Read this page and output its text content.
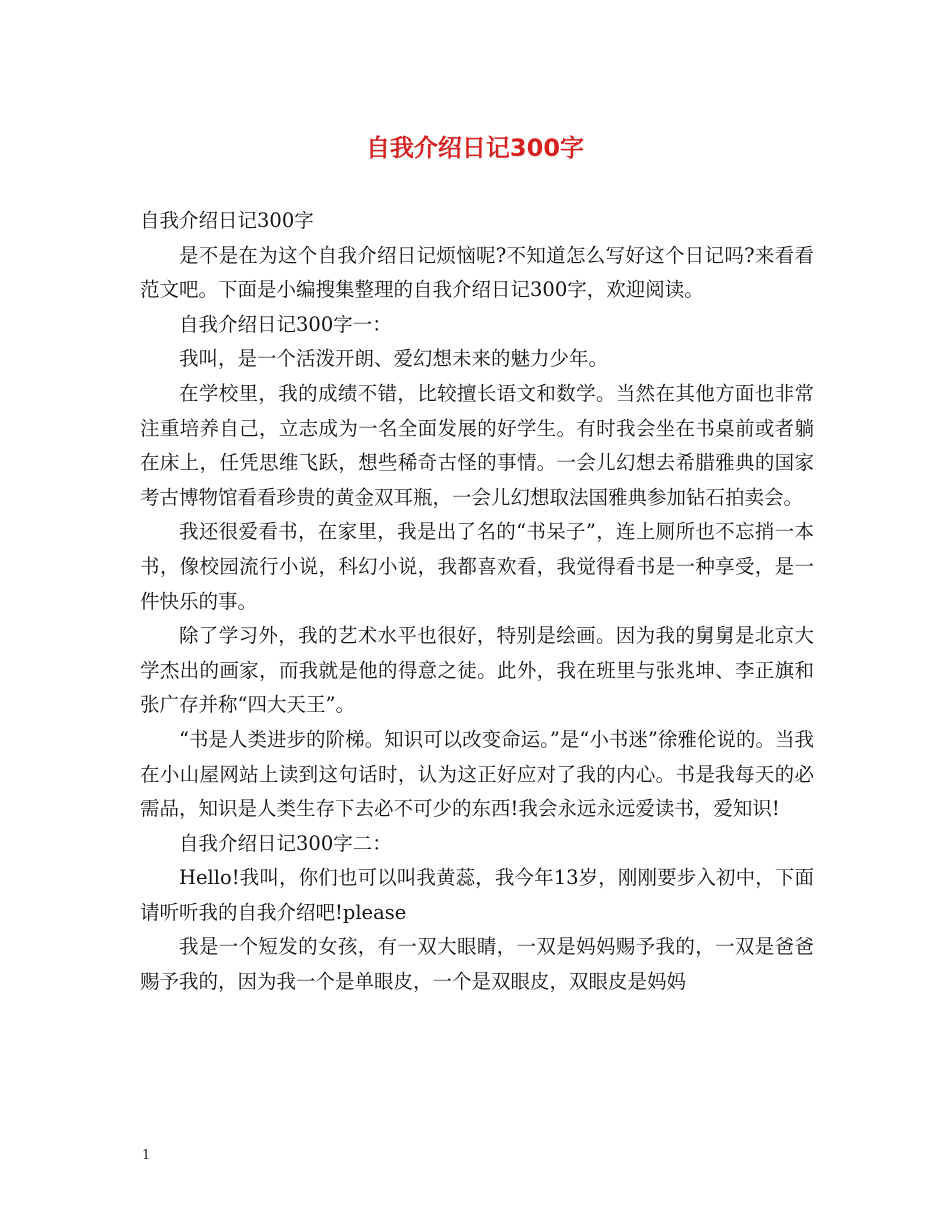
自我介绍日记300字

自我介绍日记300字

是不是在为这个自我介绍日记烦恼呢?不知道怎么写好这个日记吗?来看看范文吧。下面是小编搜集整理的自我介绍日记300字，欢迎阅读。

自我介绍日记300字一：

我叫，是一个活泼开朗、爱幻想未来的魅力少年。

在学校里，我的成绩不错，比较擅长语文和数学。当然在其他方面也非常注重培养自己，立志成为一名全面发展的好学生。有时我会坐在书桌前或者躺在床上，任凭思维飞跃，想些稀奇古怪的事情。一会儿幻想去希腊雅典的国家考古博物馆看看珍贵的黄金双耳瓶，一会儿幻想取法国雅典参加钻石拍卖会。

我还很爱看书，在家里，我是出了名的“书呆子”，连上厕所也不忘捎一本书，像校园流行小说，科幻小说，我都喜欢看，我觉得看书是一种享受，是一件快乐的事。

除了学习外，我的艺术水平也很好，特别是绘画。因为我的舅舅是北京大学杰出的画家，而我就是他的得意之徒。此外，我在班里与张兆坤、李正旗和张广存并称“四大天王”。

“书是人类进步的阶梯。知识可以改变命运。”是“小书迷”徐雅伦说的。当我在小山屋网站上读到这句话时，认为这正好应对了我的内心。书是我每天的必需品，知识是人类生存下去必不可少的东西!我会永远永远爱读书，爱知识!

自我介绍日记300字二：

Hello!我叫，你们也可以叫我黄蕊，我今年13岁，刚刚要步入初中，下面请听听我的自我介绍吧!please

我是一个短发的女孩，有一双大眼睛，一双是妈妈赐予我的，一双是爸爸赐予我的，因为我一个是单眼皮，一个是双眼皮，双眼皮是妈妈

1
